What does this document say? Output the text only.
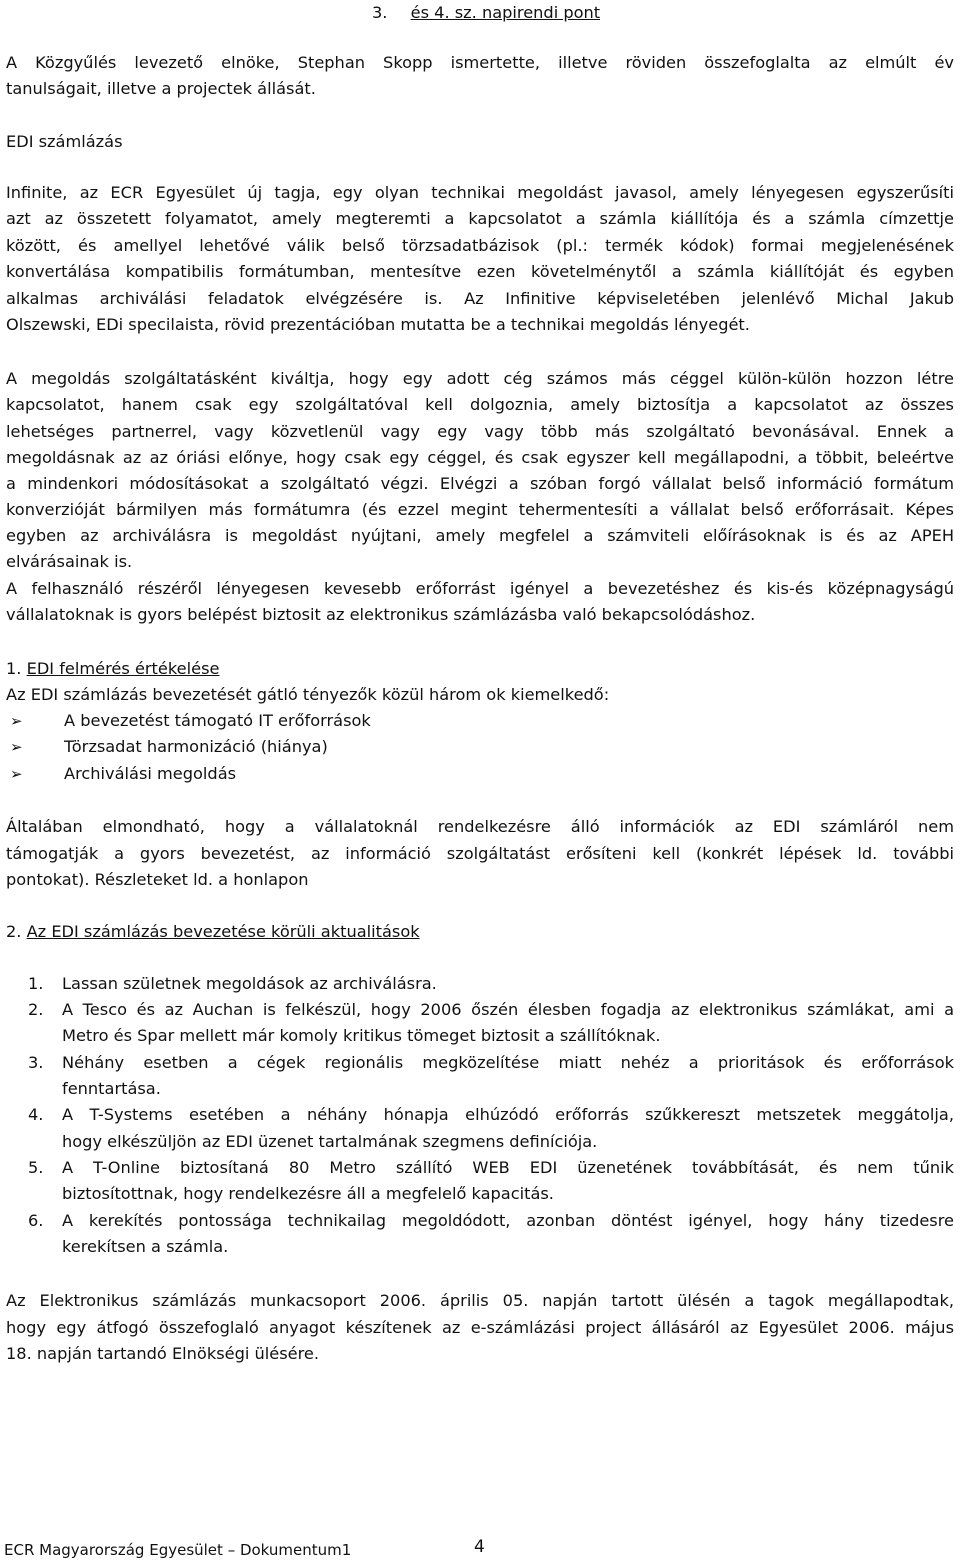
3. és 4. sz. napirendi pont
A Közgyűlés levezető elnöke, Stephan Skopp ismertette, illetve röviden összefoglalta az elmúlt év
tanulságait, illetve a projectek állását.
EDI számlázás
Infinite, az ECR Egyesület új tagja, egy olyan technikai megoldást javasol, amely lényegesen egyszerűsíti
azt az összetett folyamatot, amely megteremti a kapcsolatot a számla kiállítója és a számla címzettje
között, és amellyel lehetővé válik belső törzsadatbázisok (pl.: termék kódok) formai megjelenésének
konvertálása kompatibilis formátumban, mentesítve ezen követelménytől a számla kiállítóját és egyben
alkalmas archiválási feladatok elvégzésére is. Az Infinitive képviseletében jelenlévő Michal Jakub
Olszewski, EDi specilaista, rövid prezentációban mutatta be a technikai megoldás lényegét.
A megoldás szolgáltatásként kiváltja, hogy egy adott cég számos más céggel külön-külön hozzon létre
kapcsolatot, hanem csak egy szolgáltatóval kell dolgoznia, amely biztosítja a kapcsolatot az összes
lehetséges partnerrel, vagy közvetlenül vagy egy vagy több más szolgáltató bevonásával. Ennek a
megoldásnak az az óriási előnye, hogy csak egy céggel, és csak egyszer kell megállapodni, a többit, beleértve
a mindenkori módosításokat a szolgáltató végzi. Elvégzi a szóban forgó vállalat belső információ formátum
konverzióját bármilyen más formátumra (és ezzel megint tehermentesíti a vállalat belső erőforrásait. Képes
egyben az archiválásra is megoldást nyújtani, amely megfelel a számviteli előírásoknak is és az APEH
elvárásainak is.
A felhasználó részéről lényegesen kevesebb erőforrást igényel a bevezetéshez és kis-és középnagyságú
vállalatoknak is gyors belépést biztosit az elektronikus számlázásba való bekapcsolódáshoz.
1. EDI felmérés értékelése
Az EDI számlázás bevezetését gátló tényezők közül három ok kiemelkedő:
➢	A bevezetést támogató IT erőforrások
➢	Törzsadat harmonizáció (hiánya)
➢	Archiválási megoldás
Általában elmondható, hogy a vállalatoknál rendelkezésre álló információk az EDI számláról nem
támogatják a gyors bevezetést, az információ szolgáltatást erősíteni kell (konkrét lépések ld. további
pontokat). Részleteket ld. a honlapon
2. Az EDI számlázás bevezetése körüli aktualitások
1. Lassan születnek megoldások az archiválásra.
2. A Tesco és az Auchan is felkészül, hogy 2006 őszén élesben fogadja az elektronikus számlákat, ami a
Metro és Spar mellett már komoly kritikus tömeget biztosit a szállítóknak.
3. Néhány esetben a cégek regionális megközelítése miatt nehéz a prioritások és erőforrások
fenntartása.
4. A T-Systems esetében a néhány hónapja elhúzódó erőforrás szűkkereszt metszetek meggátolja,
hogy elkészüljön az EDI üzenet tartalmának szegmens definíciója.
5. A T-Online biztosítaná 80 Metro szállító WEB EDI üzenetének továbbítását, és nem tűnik
biztosítottnak, hogy rendelkezésre áll a megfelelő kapacitás.
6. A kerekítés pontossága technikailag megoldódott, azonban döntést igényel, hogy hány tizedesre
kerekítsen a számla.
Az Elektronikus számlázás munkacsoport 2006. április 05. napján tartott ülésén a tagok megállapodtak,
hogy egy átfogó összefoglaló anyagot készítenek az e-számlázási project állásáról az Egyesület 2006. május
18. napján tartandó Elnökségi ülésére.
ECR Magyarország Egyesület – Dokumentum1	4
